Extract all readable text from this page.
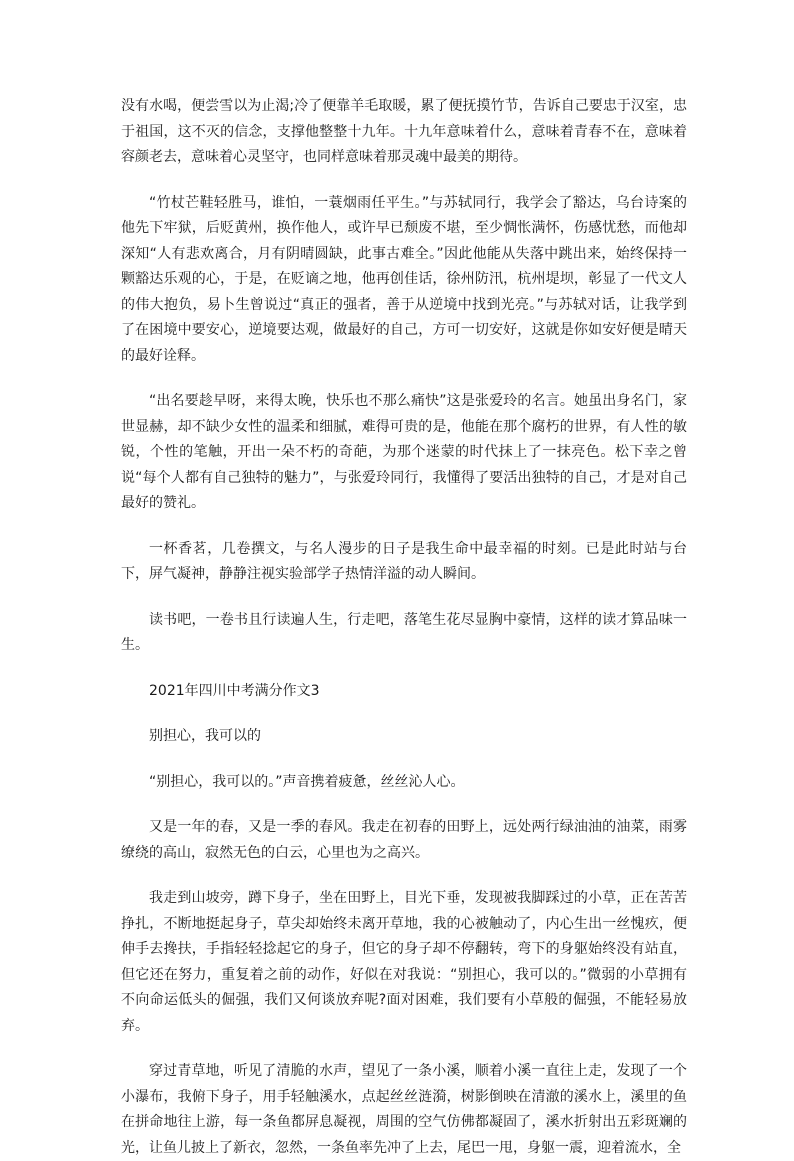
没有水喝，便尝雪以为止渴;冷了便靠羊毛取暖，累了便抚摸竹节，告诉自己要忠于汉室，忠于祖国，这不灭的信念，支撑他整整十九年。十九年意味着什么，意味着青春不在，意味着容颜老去，意味着心灵坚守，也同样意味着那灵魂中最美的期待。

“竹杖芒鞋轻胜马，谁怕，一蓑烟雨任平生。”与苏轼同行，我学会了豁达，乌台诗案的他先下牢狱，后贬黄州，换作他人，或许早已颓废不堪，至少惆怅满怀，伤感忧愁，而他却深知“人有悲欢离合，月有阴晴圆缺，此事古难全。”因此他能从失落中跳出来，始终保持一颗豁达乐观的心，于是，在贬谪之地，他再创佳话，徐州防汛，杭州堤坝，彰显了一代文人的伟大抱负，易卜生曾说过“真正的强者，善于从逆境中找到光亮。”与苏轼对话，让我学到了在困境中要安心，逆境要达观，做最好的自己，方可一切安好，这就是你如安好便是晴天的最好诠释。

“出名要趁早呀，来得太晚，快乐也不那么痛快”这是张爱玲的名言。她虽出身名门，家世显赫，却不缺少女性的温柔和细腻，难得可贵的是，他能在那个腐朽的世界，有人性的敏锐，个性的笔触，开出一朵不朽的奇葩，为那个迷蒙的时代抹上了一抹亮色。松下幸之曾说“每个人都有自己独特的魅力”，与张爱玲同行，我懂得了要活出独特的自己，才是对自己最好的赞礼。

一杯香茗，几卷撰文，与名人漫步的日子是我生命中最幸福的时刻。已是此时站与台下，屏气凝神，静静注视实验部学子热情洋溢的动人瞬间。

读书吧，一卷书且行读遍人生，行走吧，落笔生花尽显胸中豪情，这样的读才算品味一生。

2021年四川中考满分作文3

别担心，我可以的

“别担心，我可以的。”声音携着疲惫，丝丝沁人心。

又是一年的春，又是一季的春风。我走在初春的田野上，远处两行绿油油的油菜，雨雾缭绕的高山，寂然无色的白云，心里也为之高兴。

我走到山坡旁，蹲下身子，坐在田野上，目光下垂，发现被我脚踩过的小草，正在苦苦挣扎，不断地挺起身子，草尖却始终未离开草地，我的心被触动了，内心生出一丝愧疚，便伸手去搀扶，手指轻轻捻起它的身子，但它的身子却不停翻转，弯下的身躯始终没有站直，但它还在努力，重复着之前的动作，好似在对我说：“别担心，我可以的。”微弱的小草拥有不向命运低头的倔强，我们又何谈放弃呢?面对困难，我们要有小草般的倔强，不能轻易放弃。

穿过青草地，听见了清脆的水声，望见了一条小溪，顺着小溪一直往上走，发现了一个小瀑布，我俯下身子，用手轻触溪水，点起丝丝涟漪，树影倒映在清澈的溪水上，溪里的鱼在拼命地往上游，每一条鱼都屏息凝视，周围的空气仿佛都凝固了，溪水折射出五彩斑斓的光，让鱼儿披上了新衣，忽然，一条鱼率先冲了上去，尾巴一甩，身躯一震，迎着流水，全
